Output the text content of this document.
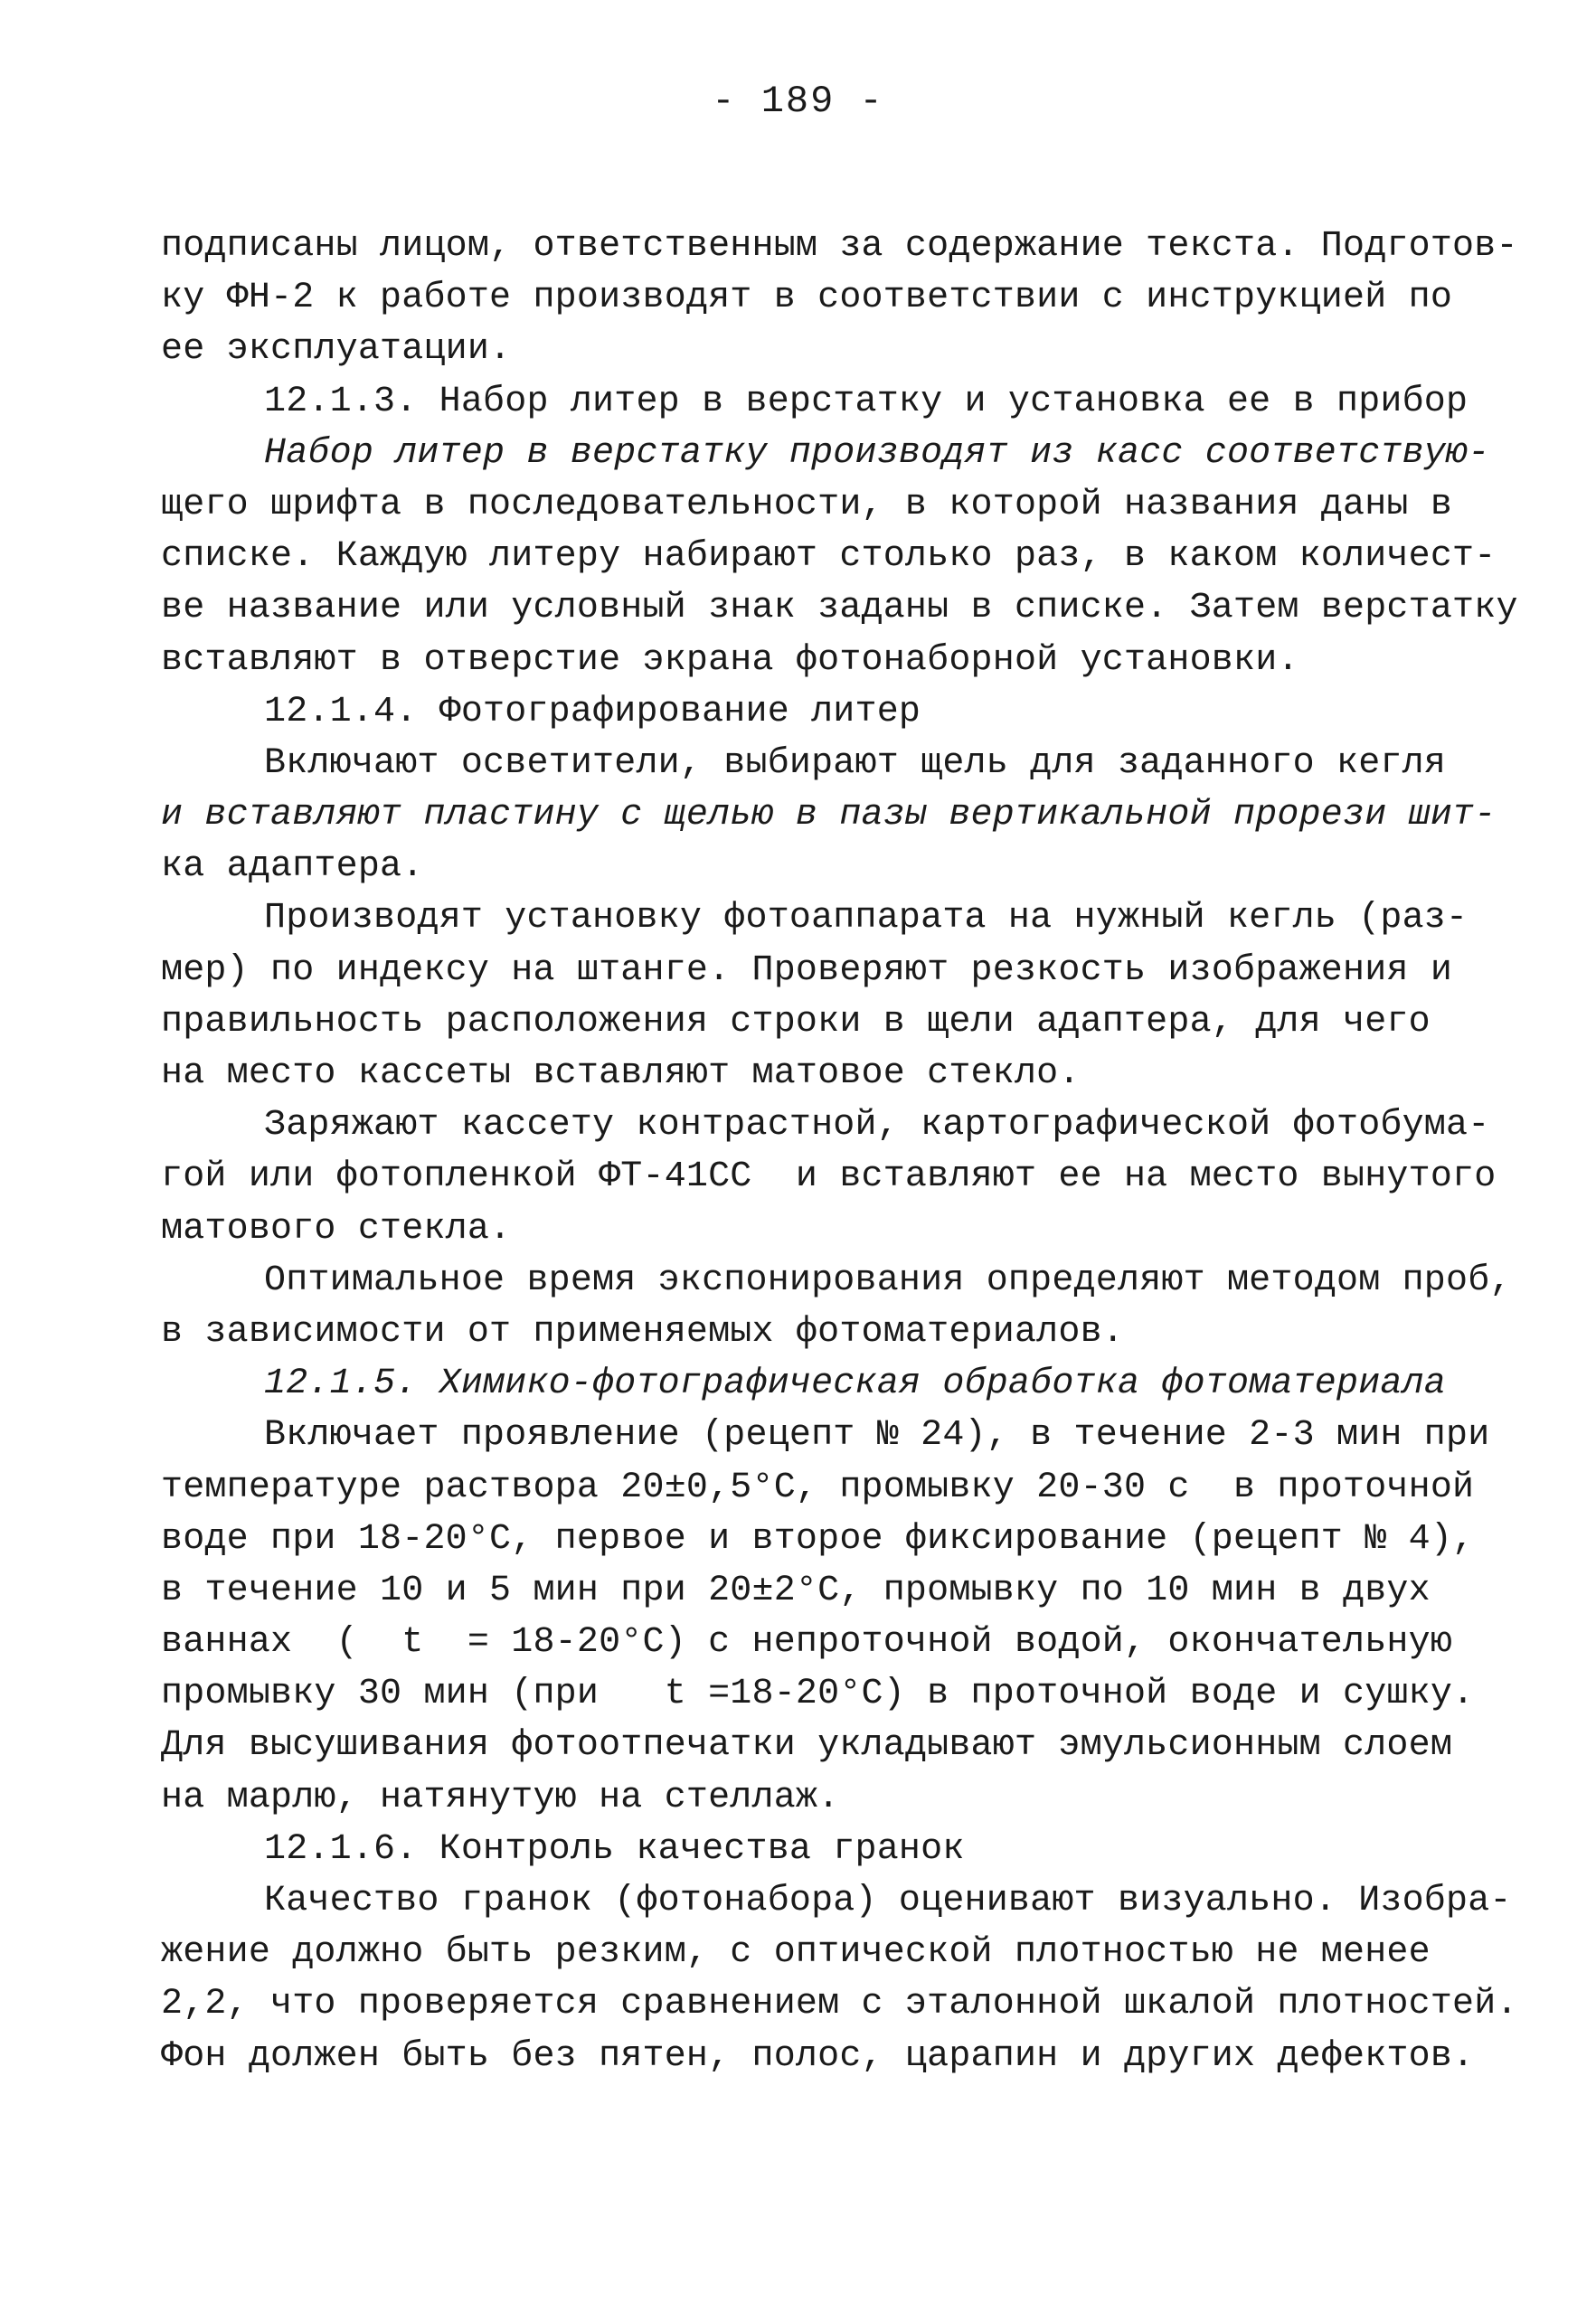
- 189 -
подписаны лицом, ответственным за содержание текста. Подготов-
ку ФН-2 к работе производят в соответствии с инструкцией по
ее эксплуатации.
12.1.3. Набор литер в верстатку и установка ее в прибор
Набор литер в верстатку производят из касс соответствую-
щего шрифта в последовательности, в которой названия даны в
списке. Каждую литеру набирают столько раз, в каком количест-
ве название или условный знак заданы в списке. Затем верстатку
вставляют в отверстие экрана фотонаборной установки.
12.1.4. Фотографирование литер
Включают осветители, выбирают щель для заданного кегля
и вставляют пластину с щелью в пазы вертикальной прорези шит-
ка адаптера.
Производят установку фотоаппарата на нужный кегль (раз-
мер) по индексу на штанге. Проверяют резкость изображения и
правильность расположения строки в щели адаптера, для чего
на место кассеты вставляют матовое стекло.
Заряжают кассету контрастной, картографической фотобума-
гой или фотопленкой ФТ-41СС  и вставляют ее на место вынутого
матового стекла.
Оптимальное время экспонирования определяют методом проб,
в зависимости от применяемых фотоматериалов.
12.1.5. Химико-фотографическая обработка фотоматериала
Включает проявление (рецепт № 24), в течение 2-3 мин при
температуре раствора 20±0,5°С, промывку 20-30 с  в проточной
воде при 18-20°С, первое и второе фиксирование (рецепт № 4),
в течение 10 и 5 мин при 20±2°С, промывку по 10 мин в двух
ваннах  (  t  = 18-20°С) с непроточной водой, окончательную
промывку 30 мин (при   t =18-20°С) в проточной воде и сушку.
Для высушивания фотоотпечатки укладывают эмульсионным слоем
на марлю, натянутую на стеллаж.
12.1.6. Контроль качества гранок
Качество гранок (фотонабора) оценивают визуально. Изобра-
жение должно быть резким, с оптической плотностью не менее
2,2, что проверяется сравнением с эталонной шкалой плотностей.
Фон должен быть без пятен, полос, царапин и других дефектов.
